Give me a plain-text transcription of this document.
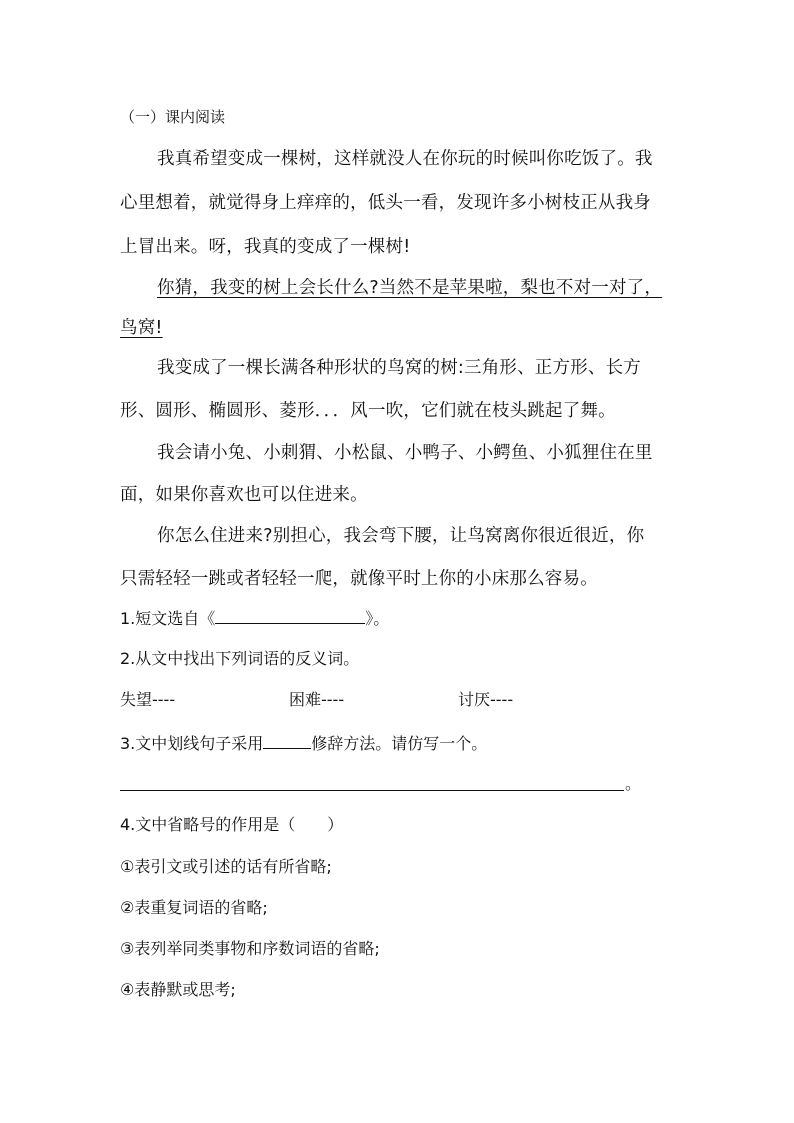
（一）课内阅读
我真希望变成一棵树，这样就没人在你玩的时候叫你吃饭了。我
心里想着，就觉得身上痒痒的，低头一看，发现许多小树枝正从我身
上冒出来。呀，我真的变成了一棵树!
你猜，我变的树上会长什么?当然不是苹果啦，梨也不对一对了，
鸟窝!
我变成了一棵长满各种形状的鸟窝的树:三角形、正方形、长方
形、圆形、椭圆形、菱形．．．风一吹，它们就在枝头跳起了舞。
我会请小兔、小刺猬、小松鼠、小鸭子、小鳄鱼、小狐狸住在里
面，如果你喜欢也可以住进来。
你怎么住进来?别担心，我会弯下腰，让鸟窝离你很近很近，你
只需轻轻一跳或者轻轻一爬，就像平时上你的小床那么容易。
1.短文选自《	》。
2.从文中找出下列词语的反义词。
失望----	困难----	讨厌----
3.文中划线句子采用	修辞方法。请仿写一个。
。
4.文中省略号的作用是（　　）
①表引文或引述的话有所省略;
②表重复词语的省略;
③表列举同类事物和序数词语的省略;
④表静默或思考;
